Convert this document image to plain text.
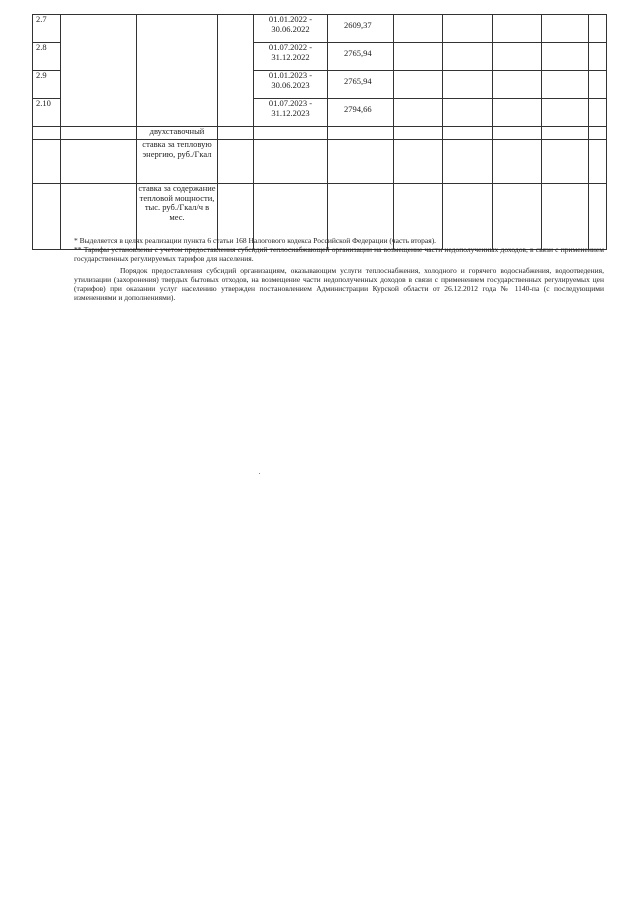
2.7				01.01.2022 - 30.06.2022	2609,37					
2.8				01.07.2022 - 31.12.2022	2765,94					
2.9				01.01.2023 - 30.06.2023	2765,94					
2.10				01.07.2023 - 31.12.2023	2794,66					
		двухставочный								
		ставка за тепловую энергию, руб./Гкал								
		ставка за содержание тепловой мощности, тыс. руб./Гкал/ч в мес.								

* Выделяется в целях реализации пункта 6 статьи 168 Налогового кодекса Российской Федерации (часть вторая).

** Тарифы установлены с учетом предоставления субсидий теплоснабжающей организации на возмещение части недополученных доходов, в связи с применением государственных регулируемых тарифов для населения.

Порядок предоставления субсидий организациям, оказывающим услуги теплоснабжения, холодного и горячего водоснабжения, водоотведения, утилизации (захоронения) твердых бытовых отходов, на возмещение части недополученных доходов в связи с применением государственных регулируемых цен (тарифов) при оказании услуг населению утвержден постановлением Администрации Курской области от 26.12.2012 года № 1140-па (с последующими изменениями и дополнениями).
